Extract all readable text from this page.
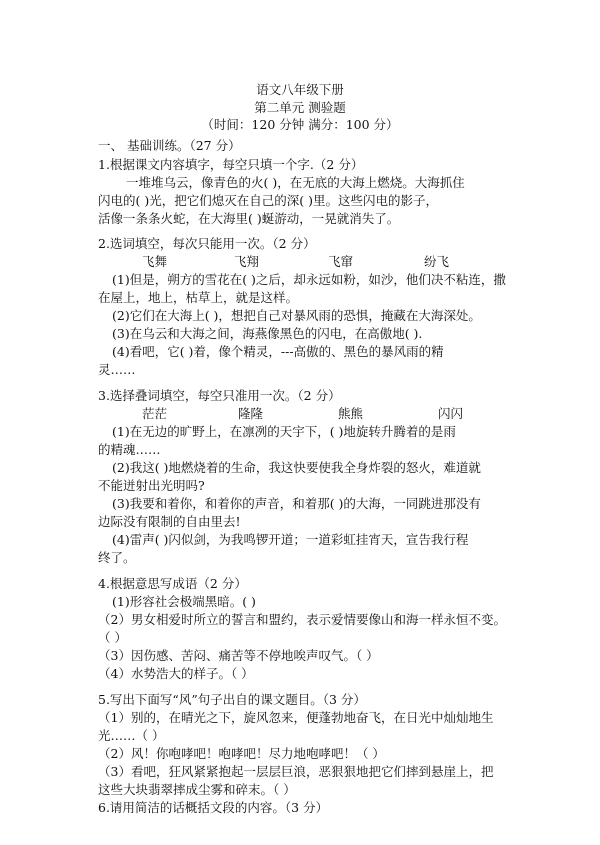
语文八年级下册
第二单元 测验题
（时间：120 分钟 满分：100 分）
一、 基础训练。（27 分）
1.根据课文内容填字，每空只填一个字.（2 分）
一堆堆乌云，像青色的火( )，在无底的大海上燃烧。大海抓住
闪电的( )光，把它们熄灭在自己的深( )里。这些闪电的影子，
活像一条条火蛇，在大海里( )蜒游动，一晃就消失了。
2.选词填空，每次只能用一次。（2 分）
飞舞	飞翔	飞窜	纷飞
(1)但是，朔方的雪花在( )之后，却永远如粉，如沙，他们决不粘连，撒
在屋上，地上，枯草上，就是这样。
(2)它们在大海上( )，想把自己对暴风雨的恐惧，掩藏在大海深处。
(3)在乌云和大海之间，海燕像黑色的闪电，在高傲地( ).
(4)看吧，它( )着，像个精灵，---高傲的、黑色的暴风雨的精
灵……
3.选择叠词填空，每空只准用一次。（2 分）
茫茫	隆隆	熊熊	闪闪
(1)在无边的旷野上，在凛冽的天宇下，( )地旋转升腾着的是雨
的精魂……
(2)我这( )地燃烧着的生命，我这快要使我全身炸裂的怒火，难道就
不能迸射出光明吗?
(3)我要和着你，和着你的声音，和着那( )的大海，一同跳进那没有
边际没有限制的自由里去!
(4)雷声( )闪似剑，为我鸣锣开道；一道彩虹挂宵天，宣告我行程
终了。
4.根据意思写成语（2 分）
(1)形容社会极端黑暗。( )
（2）男女相爱时所立的誓言和盟约，表示爱情要像山和海一样永恒不变。
（ ）
（3）因伤感、苦闷、痛苦等不停地唉声叹气。（ ）
（4）水势浩大的样子。（ ）
5.写出下面写“风”句子出自的课文题目。（3 分）
（1）别的，在晴光之下，旋风忽来，便蓬勃地奋飞，在日光中灿灿地生
光……（ ）
（2）风！你咆哮吧！咆哮吧！尽力地咆哮吧！（ ）
（3）看吧，狂风紧紧抱起一层层巨浪，恶狠狠地把它们摔到悬崖上，把
这些大块翡翠摔成尘雾和碎末。（ ）
6.请用简洁的话概括文段的内容。（3 分）
